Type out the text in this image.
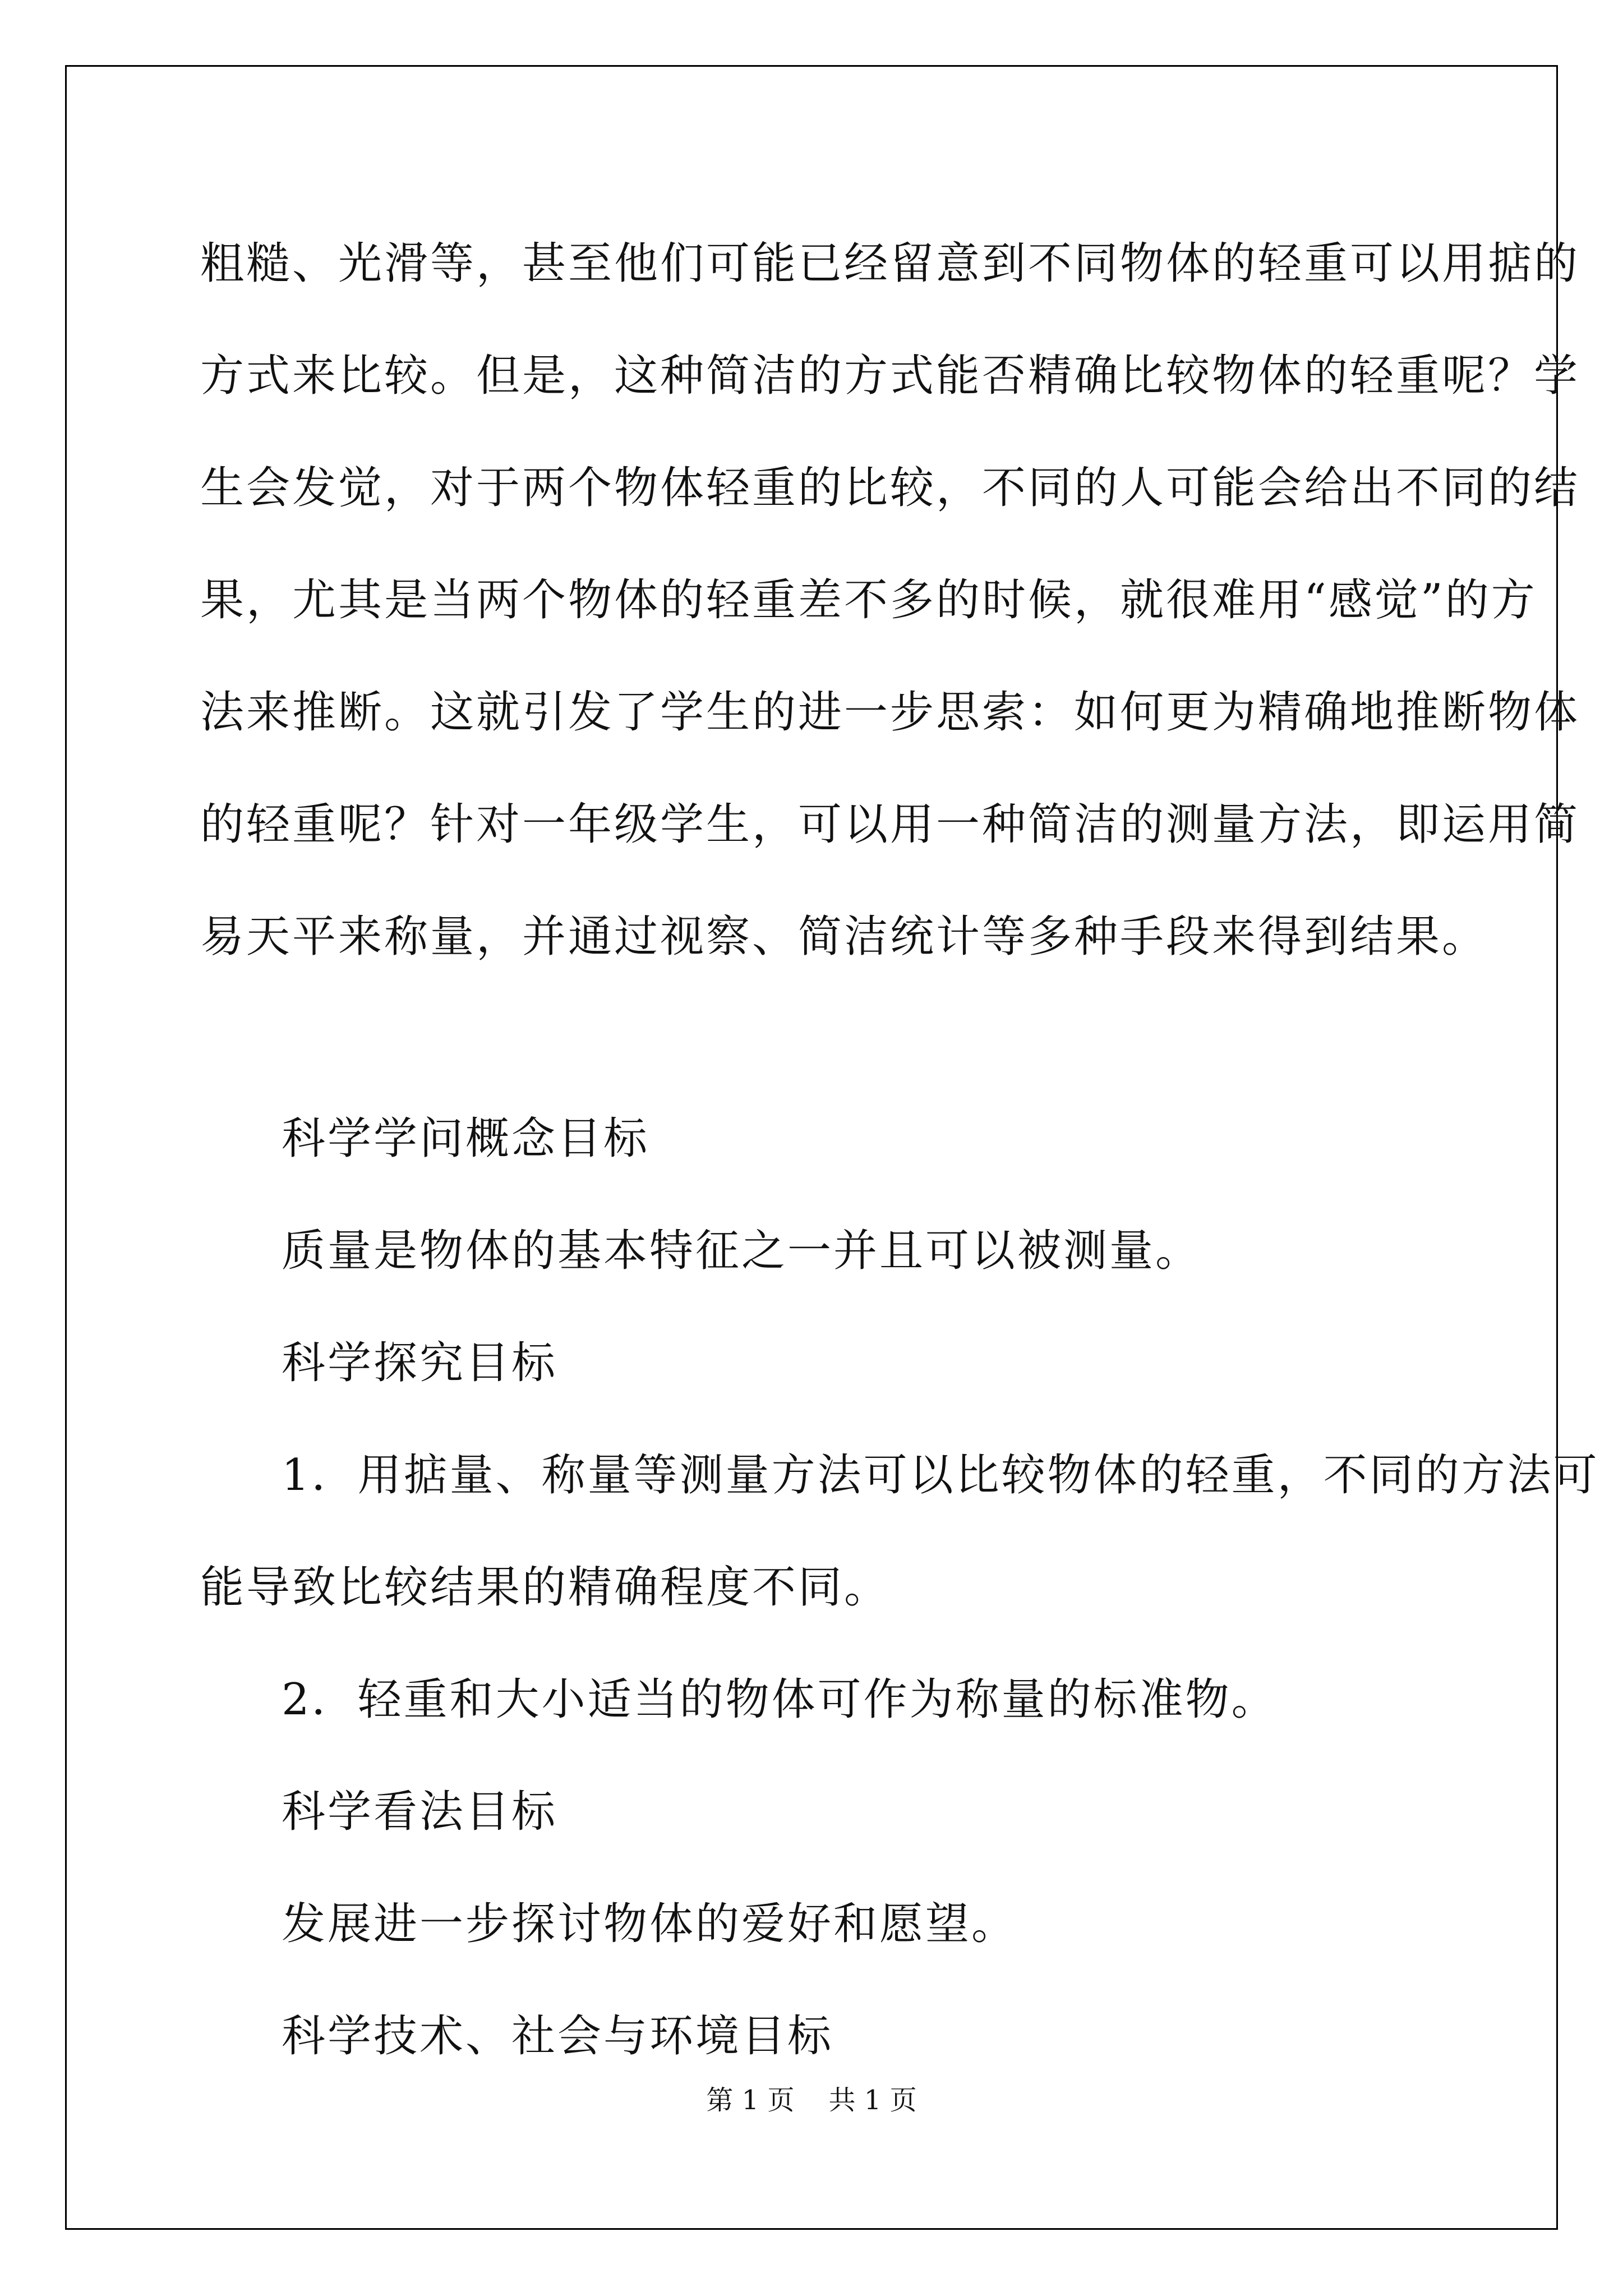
粗糙、光滑等，甚至他们可能已经留意到不同物体的轻重可以用掂的
方式来比较。但是，这种简洁的方式能否精确比较物体的轻重呢？学
生会发觉，对于两个物体轻重的比较，不同的人可能会给出不同的结
果，尤其是当两个物体的轻重差不多的时候，就很难用“感觉”的方
法来推断。这就引发了学生的进一步思索：如何更为精确地推断物体
的轻重呢？针对一年级学生，可以用一种简洁的测量方法，即运用简
易天平来称量，并通过视察、简洁统计等多种手段来得到结果。
科学学问概念目标
质量是物体的基本特征之一并且可以被测量。
科学探究目标
1．用掂量、称量等测量方法可以比较物体的轻重，不同的方法可
能导致比较结果的精确程度不同。
2．轻重和大小适当的物体可作为称量的标准物。
科学看法目标
发展进一步探讨物体的爱好和愿望。
科学技术、社会与环境目标
第 1 页    共 1 页
